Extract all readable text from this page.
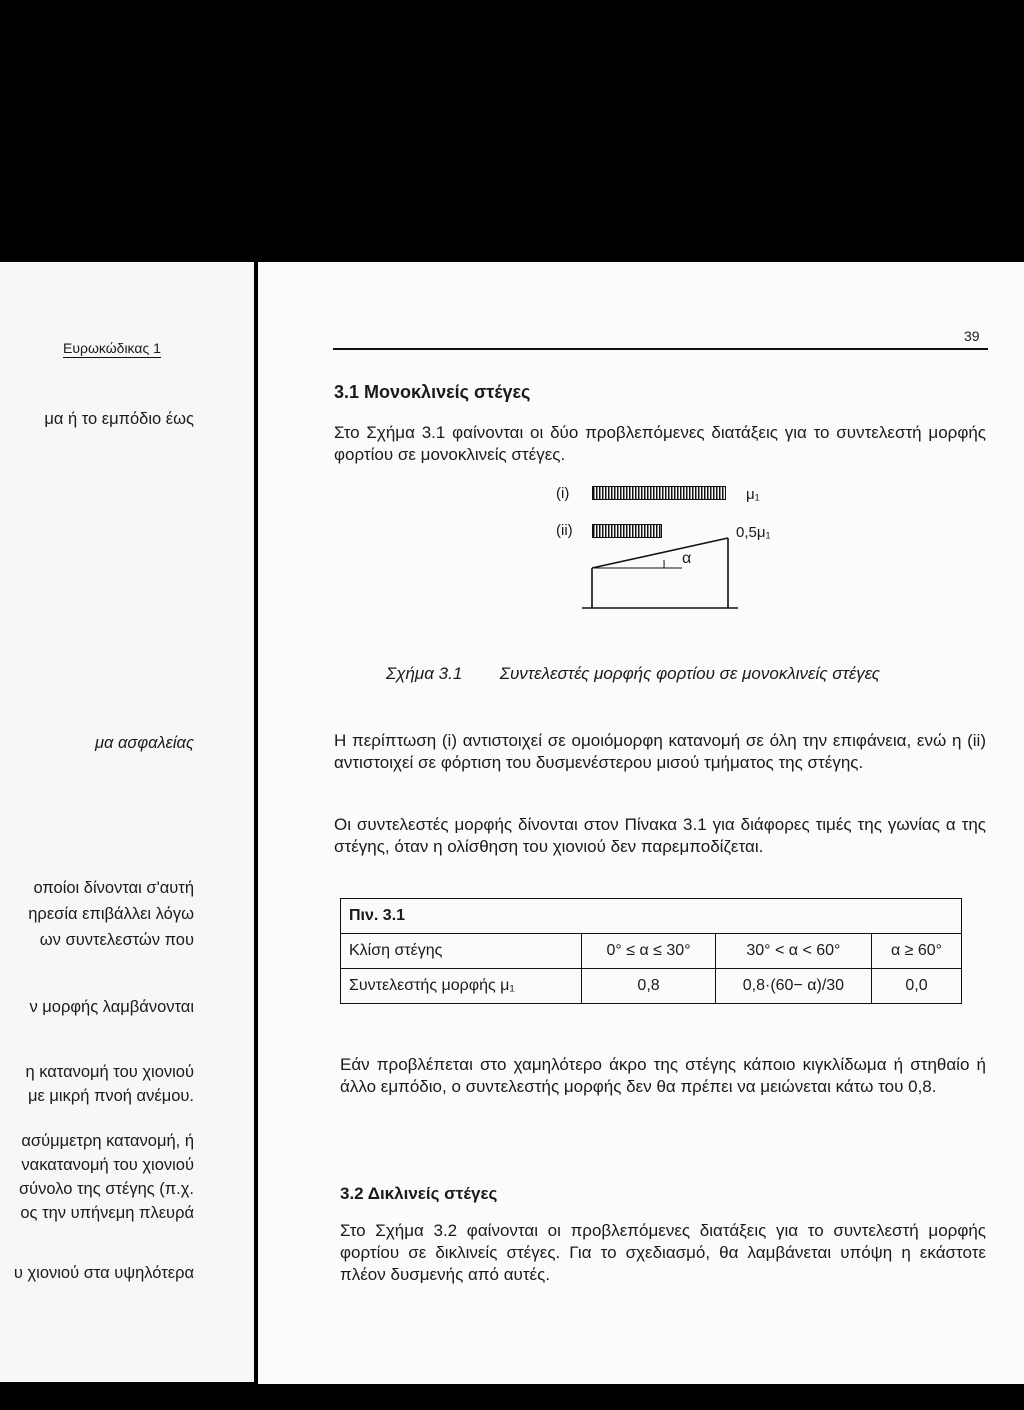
Ευρωκώδικας 1
μα ή το εμπόδιο έως
μα ασφαλείας
οποίοι δίνονται σ'αυτή
ηρεσία επιβάλλει λόγω
ων συντελεστών που
ν μορφής λαμβάνονται
η κατανομή του χιονιού
με μικρή πνοή ανέμου.
ασύμμετρη κατανομή, ή
νακατανομή του χιονιού
σύνολο της στέγης (π.χ.
ος την υπήνεμη πλευρά
υ χιονιού στα υψηλότερα
39
3.1 Μονοκλινείς στέγες
Στο Σχήμα 3.1 φαίνονται οι δύο προβλεπόμενες διατάξεις για το συντελεστή μορφής φορτίου σε μονοκλινείς στέγες.
(i)	μ₁
(ii)	0,5μ₁
α
Σχήμα 3.1 Συντελεστές μορφής φορτίου σε μονοκλινείς στέγες
Η περίπτωση (i) αντιστοιχεί σε ομοιόμορφη κατανομή σε όλη την επιφάνεια, ενώ η (ii) αντιστοιχεί σε φόρτιση του δυσμενέστερου μισού τμήματος της στέγης.
Οι συντελεστές μορφής δίνονται στον Πίνακα 3.1 για διάφορες τιμές της γωνίας α της στέγης, όταν η ολίσθηση του χιονιού δεν παρεμποδίζεται.
Πιν. 3.1			
Κλίση στέγης	0° ≤ α ≤ 30°	30° < α < 60°	α ≥ 60°
Συντελεστής μορφής μ₁	0,8	0,8·(60− α)/30	0,0
Εάν προβλέπεται στο χαμηλότερο άκρο της στέγης κάποιο κιγκλίδωμα ή στηθαίο ή άλλο εμπόδιο, ο συντελεστής μορφής δεν θα πρέπει να μειώνεται κάτω του 0,8.
3.2 Δικλινείς στέγες
Στο Σχήμα 3.2 φαίνονται οι προβλεπόμενες διατάξεις για το συντελεστή μορφής φορτίου σε δικλινείς στέγες. Για το σχεδιασμό, θα λαμβάνεται υπόψη η εκάστοτε πλέον δυσμενής από αυτές.
